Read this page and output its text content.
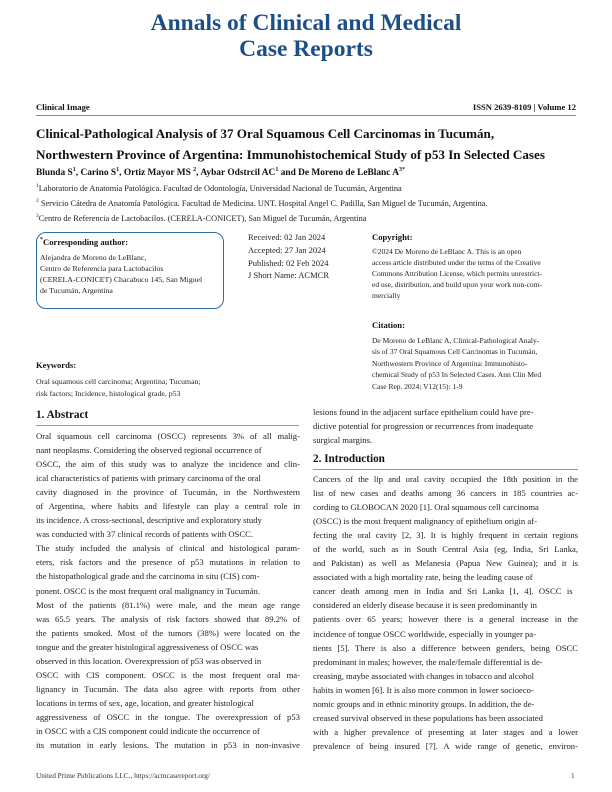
Annals of Clinical and Medical
Case Reports
Clinical Image	ISSN 2639-8109 | Volume 12
Clinical-Pathological Analysis of 37 Oral Squamous Cell Carcinomas in Tucumán,
Northwestern Province of Argentina: Immunohistochemical Study of p53 In Selected Cases
Blunda $S^1$, Carino $S^1$, Ortiz Mayor MS $^2$, Aybar Odstrcil $AC^1$ and De Moreno de LeBlanc $A^{3*}$
$^1$Laboratorio de Anatomía Patológica. Facultad de Odontología, Universidad Nacional de Tucumán, Argentina
$^2$ Servicio Cátedra de Anatomía Patológica. Facultad de Medicina. UNT. Hospital Angel C. Padilla, San Miguel de Tucumán, Argentina.
$^3$Centro de Referencia de Lactobacilos. (CERELA-CONICET), San Miguel de Tucumán, Argentina
*Corresponding author:
Alejandra de Moreno de LeBlanc,
Centro de Referencia para Lactobacilos
(CERELA-CONICET) Chacabuco 145, San Miguel
de Tucumán, Argentina
Received: 02 Jan 2024
Accepted: 27 Jan 2024
Published: 02 Feb 2024
J Short Name: ACMCR
Copyright:
©2024 De Moreno de LeBlanc A. This is an open
access article distributed under the terms of the Creative
Commons Attribution License, which permits unrestrict-
ed use, distribution, and build upon your work non-com-
mercially
Citation:
De Moreno de LeBlanc A, Clinical-Pathological Analy-
sis of 37 Oral Squamous Cell Carcinomas in Tucumán,
Northwestern Province of Argentina: Immunohisto-
chemical Study of p53 In Selected Cases. Ann Clin Med
Case Rep. 2024; V12(15): 1-9
Keywords:
Oral squamous cell carcinoma; Argentina; Tucuman;
risk factors; Incidence, histological grade, p53
1. Abstract
Oral squamous cell carcinoma (OSCC) represents 3% of all malig-
nant neoplasms. Considering the observed regional occurrence of
OSCC, the aim of this study was to analyze the incidence and clin-
ical characteristics of patients with primary carcinoma of the oral
cavity diagnosed in the province of Tucumán, in the Northwestern
of Argentina, where habits and lifestyle can play a central role in
its incidence. A cross-sectional, descriptive and exploratory study
was conducted with 37 clinical records of patients with OSCC.
The study included the analysis of clinical and histological param-
eters, risk factors and the presence of p53 mutations in relation to
the histopathological grade and the carcinoma in situ (CIS) com-
ponent. OSCC is the most frequent oral malignancy in Tucumán.
Most of the patients (81.1%) were male, and the mean age range
was 65.5 years. The analysis of risk factors showed that 89.2% of
the patients smoked. Most of the tumors (38%) were located on the
tongue and the greater histological aggressiveness of OSCC was
observed in this location. Overexpression of p53 was observed in
OSCC with CIS component. OSCC is the most frequent oral ma-
lignancy in Tucumán. The data also agree with reports from other
locations in terms of sex, age, location, and greater histological
aggressiveness of OSCC in the tongue. The overexpression of p53
in OSCC with a CIS component could indicate the occurrence of
its mutation in early lesions. The mutation in p53 in non-invasive
lesions found in the adjacent surface epithelium could have pre-
dictive potential for progression or recurrences from inadequate
surgical margins.
2. Introduction
Cancers of the lip and oral cavity occupied the 18th position in the
list of new cases and deaths among 36 cancers in 185 countries ac-
cording to GLOBOCAN 2020 [1]. Oral squamous cell carcinoma
(OSCC) is the most frequent malignancy of epithelium origin af-
fecting the oral cavity [2, 3]. It is highly frequent in certain regions
of the world, such as in South Central Asia (eg, India, Sri Lanka,
and Pakistan) as well as Melanesia (Papua New Guinea); and it is
associated with a high mortality rate, being the leading cause of
cancer death among men in India and Sri Lanka [1, 4]. OSCC is
considered an elderly disease because it is seen predominantly in
patients over 65 years; however there is a general increase in the
incidence of tongue OSCC worldwide, especially in younger pa-
tients [5]. There is also a difference between genders, being OSCC
predominant in males; however, the male/female differential is de-
creasing, maybe associated with changes in tobacco and alcohol
habits in women [6]. It is also more common in lower socioeco-
nomic groups and in ethnic minority groups. In addition, the de-
creased survival observed in these populations has been associated
with a higher prevalence of presenting at later stages and a lower
prevalence of being insured [7]. A wide range of genetic, environ-
United Prime Publications LLC., https://acmcasereport.org/	1
